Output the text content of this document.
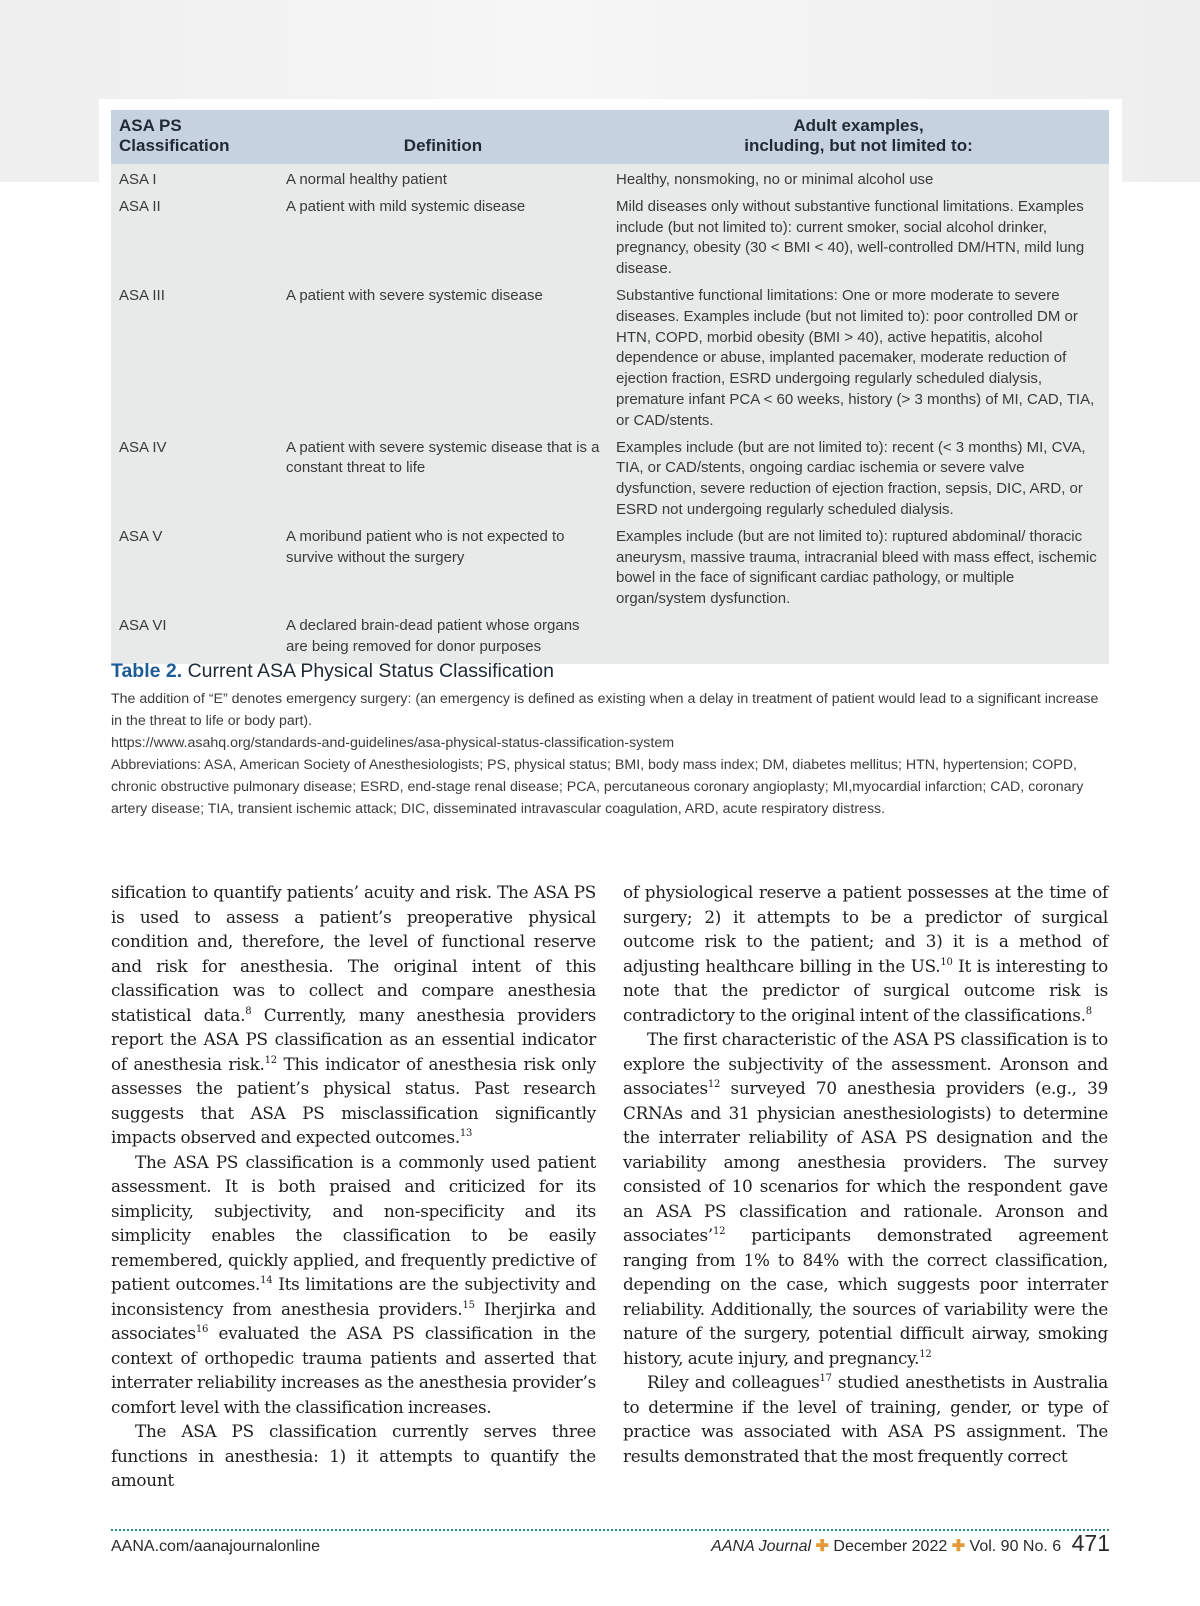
ASA PS
Classification	Definition	Adult examples,
including, but not limited to:
ASA I	A normal healthy patient	Healthy, nonsmoking, no or minimal alcohol use
ASA II	A patient with mild systemic disease	Mild diseases only without substantive functional limitations. Examples include (but not limited to): current smoker, social alcohol drinker, pregnancy, obesity (30 < BMI < 40), well-controlled DM/HTN, mild lung disease.
ASA III	A patient with severe systemic disease	Substantive functional limitations: One or more moderate to severe diseases. Examples include (but not limited to): poor controlled DM or HTN, COPD, morbid obesity (BMI > 40), active hepatitis, alcohol dependence or abuse, implanted pacemaker, moderate reduction of ejection fraction, ESRD undergoing regularly scheduled dialysis, premature infant PCA < 60 weeks, history (> 3 months) of MI, CAD, TIA, or CAD/stents.
ASA IV	A patient with severe systemic disease that is a constant threat to life	Examples include (but are not limited to): recent (< 3 months) MI, CVA, TIA, or CAD/stents, ongoing cardiac ischemia or severe valve dysfunction, severe reduction of ejection fraction, sepsis, DIC, ARD, or ESRD not undergoing regularly scheduled dialysis.
ASA V	A moribund patient who is not expected to survive without the surgery	Examples include (but are not limited to): ruptured abdominal/ thoracic aneurysm, massive trauma, intracranial bleed with mass effect, ischemic bowel in the face of significant cardiac pathology, or multiple organ/system dysfunction.
ASA VI	A declared brain-dead patient whose organs are being removed for donor purposes	
Table 2. Current ASA Physical Status Classification

The addition of “E” denotes emergency surgery: (an emergency is defined as existing when a delay in treatment of patient would lead to a significant increase in the threat to life or body part).

https://www.asahq.org/standards-and-guidelines/asa-physical-status-classification-system

Abbreviations: ASA, American Society of Anesthesiologists; PS, physical status; BMI, body mass index; DM, diabetes mellitus; HTN, hypertension; COPD, chronic obstructive pulmonary disease; ESRD, end-stage renal disease; PCA, percutaneous coronary angioplasty; MI,myocardial infarction; CAD, coronary artery disease; TIA, transient ischemic attack; DIC, disseminated intravascular coagulation, ARD, acute respiratory distress.

sification to quantify patients’ acuity and risk. The ASA PS is used to assess a patient’s preoperative physical condition and, therefore, the level of functional reserve and risk for anesthesia. The original intent of this classification was to collect and compare anesthesia statistical data.$^8$ Currently, many anesthesia providers report the ASA PS classification as an essential indicator of anesthesia risk.$^{12}$ This indicator of anesthesia risk only assesses the patient’s physical status. Past research suggests that ASA PS misclassification significantly impacts observed and expected outcomes.$^{13}$

The ASA PS classification is a commonly used patient assessment. It is both praised and criticized for its simplicity, subjectivity, and non-specificity and its simplicity enables the classification to be easily remembered, quickly applied, and frequently predictive of patient outcomes.$^{14}$ Its limitations are the subjectivity and inconsistency from anesthesia providers.$^{15}$ Iherjirka and associates$^{16}$ evaluated the ASA PS classification in the context of orthopedic trauma patients and asserted that interrater reliability increases as the anesthesia provider’s comfort level with the classification increases.

The ASA PS classification currently serves three functions in anesthesia: 1) it attempts to quantify the amount

of physiological reserve a patient possesses at the time of surgery; 2) it attempts to be a predictor of surgical outcome risk to the patient; and 3) it is a method of adjusting healthcare billing in the US.$^{10}$ It is interesting to note that the predictor of surgical outcome risk is contradictory to the original intent of the classifications.$^8$

The first characteristic of the ASA PS classification is to explore the subjectivity of the assessment. Aronson and associates$^{12}$ surveyed 70 anesthesia providers (e.g., 39 CRNAs and 31 physician anesthesiologists) to determine the interrater reliability of ASA PS designation and the variability among anesthesia providers. The survey consisted of 10 scenarios for which the respondent gave an ASA PS classification and rationale. Aronson and associates’$^{12}$ participants demonstrated agreement ranging from 1% to 84% with the correct classification, depending on the case, which suggests poor interrater reliability. Additionally, the sources of variability were the nature of the surgery, potential difficult airway, smoking history, acute injury, and pregnancy.$^{12}$

Riley and colleagues$^{17}$ studied anesthetists in Australia to determine if the level of training, gender, or type of practice was associated with ASA PS assignment. The results demonstrated that the most frequently correct

AANA.com/aanajournalonline	AANA Journal ✚ December 2022 ✚ Vol. 90 No. 6 471
